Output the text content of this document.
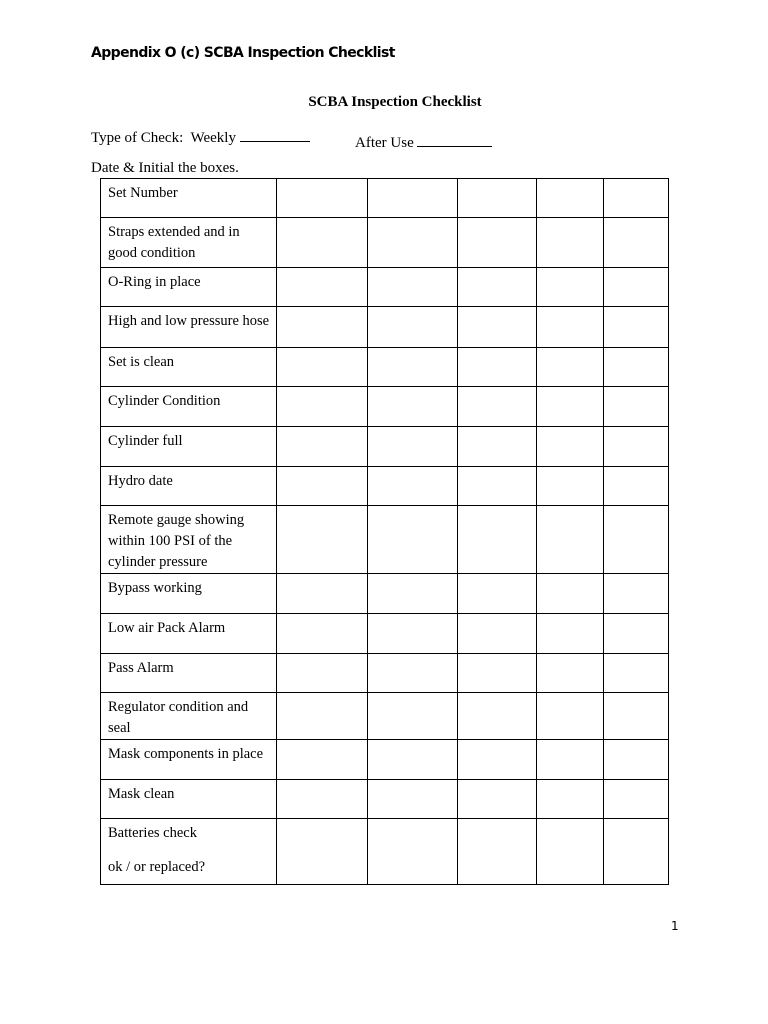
Appendix O (c) SCBA Inspection Checklist
SCBA Inspection Checklist
Type of Check: Weekly	After Use
Date & Initial the boxes.
Set Number					

Straps extended and in good condition					

O-Ring in place					

High and low pressure hose					

Set is clean					

Cylinder Condition					

Cylinder full					

Hydro date					

Remote gauge showing within 100 PSI of the cylinder pressure					

Bypass working					

Low air Pack Alarm					

Pass Alarm					

Regulator condition and seal					

Mask components in place					

Mask clean					

Batteries check
ok / or replaced?					

1
